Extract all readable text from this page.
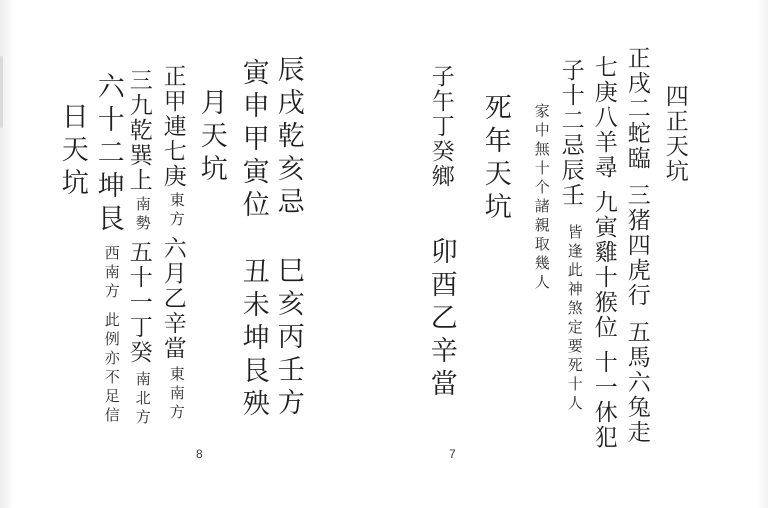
辰戌乾亥忌巳亥丙壬方
寅申甲寅位丑未坤艮殃
月天坑
正甲連七庚東方六月乙辛當東南方
三九乾巽上南勢五十一丁癸南北方
六十二坤艮西南方此例亦不足信
日天坑	四正天坑
正戌二蛇臨三猪四虎行五馬六兔走
七庚八羊尋九寅雞十猴位十一休犯
子十二忌辰壬皆逢此神煞定要死十人
家中無十个諸親取幾人
死年天坑
子午丁癸鄉卯酉乙辛當
7
8
